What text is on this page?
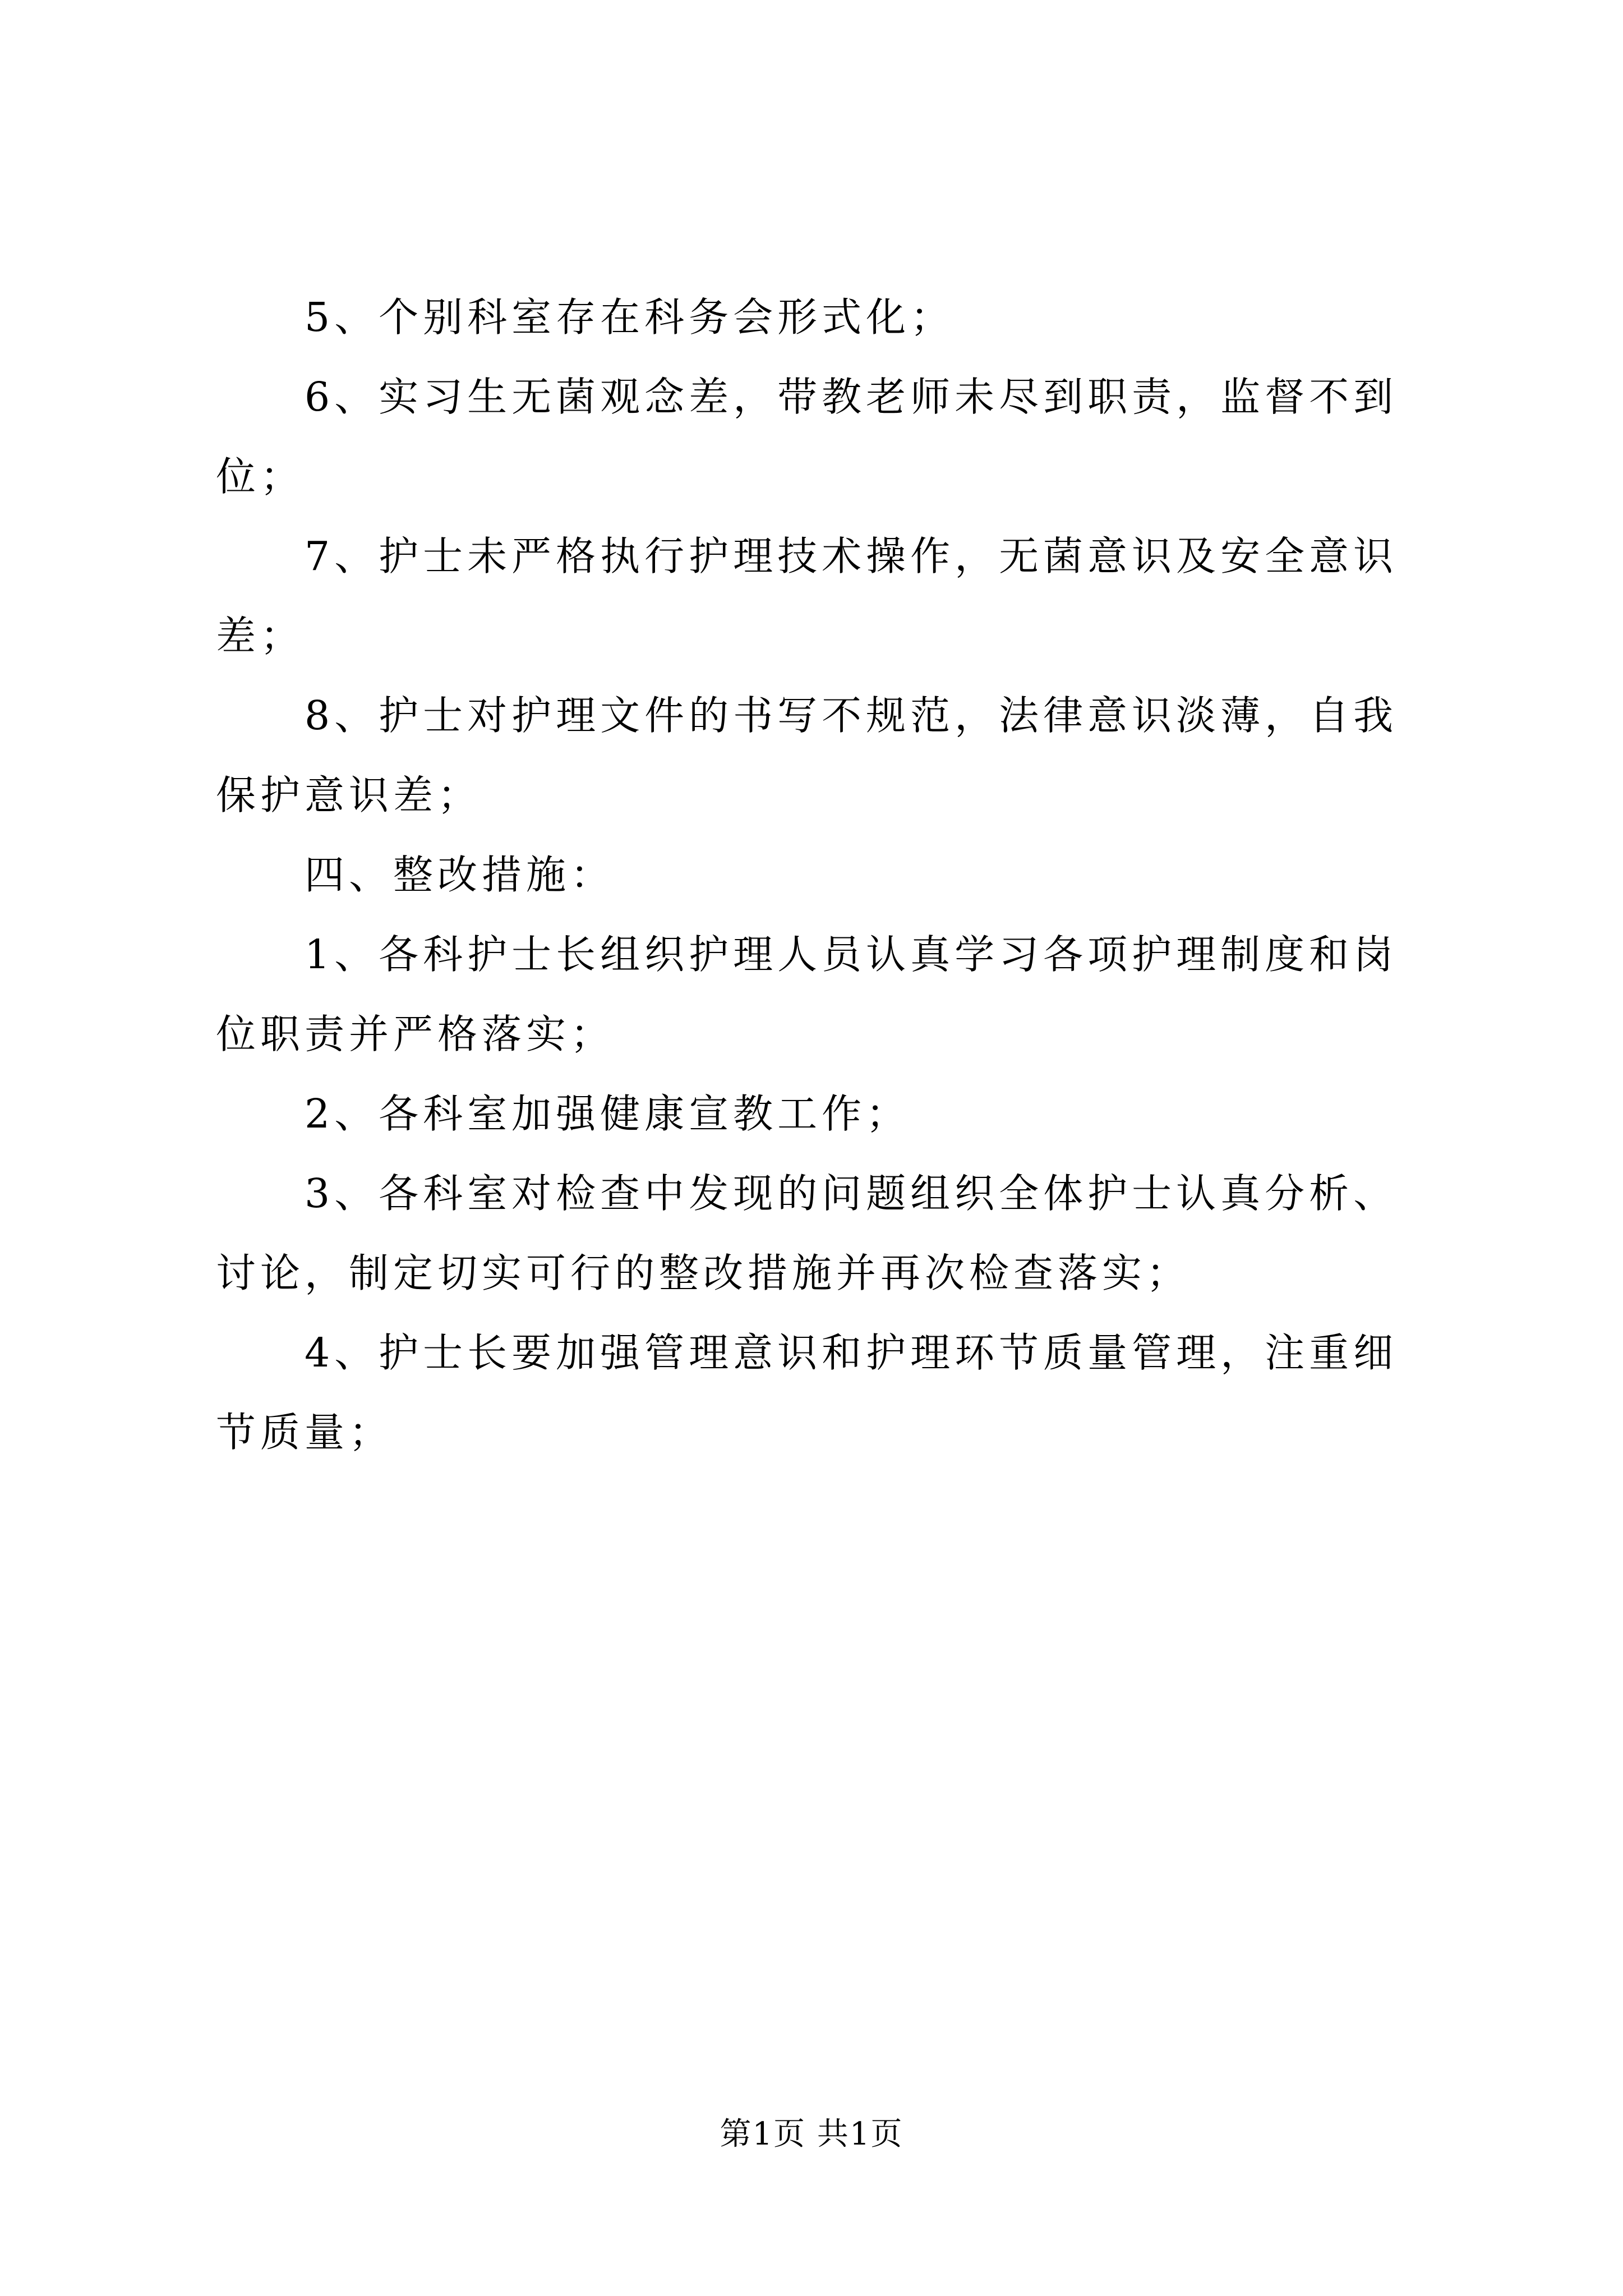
5、个别科室存在科务会形式化；

6、实习生无菌观念差，带教老师未尽到职责，监督不到位；

7、护士未严格执行护理技术操作，无菌意识及安全意识差；

8、护士对护理文件的书写不规范，法律意识淡薄，自我保护意识差；

四、整改措施：

1、各科护士长组织护理人员认真学习各项护理制度和岗位职责并严格落实；

2、各科室加强健康宣教工作；

3、各科室对检查中发现的问题组织全体护士认真分析、讨论，制定切实可行的整改措施并再次检查落实；

4、护士长要加强管理意识和护理环节质量管理，注重细节质量；

第1页 共1页
